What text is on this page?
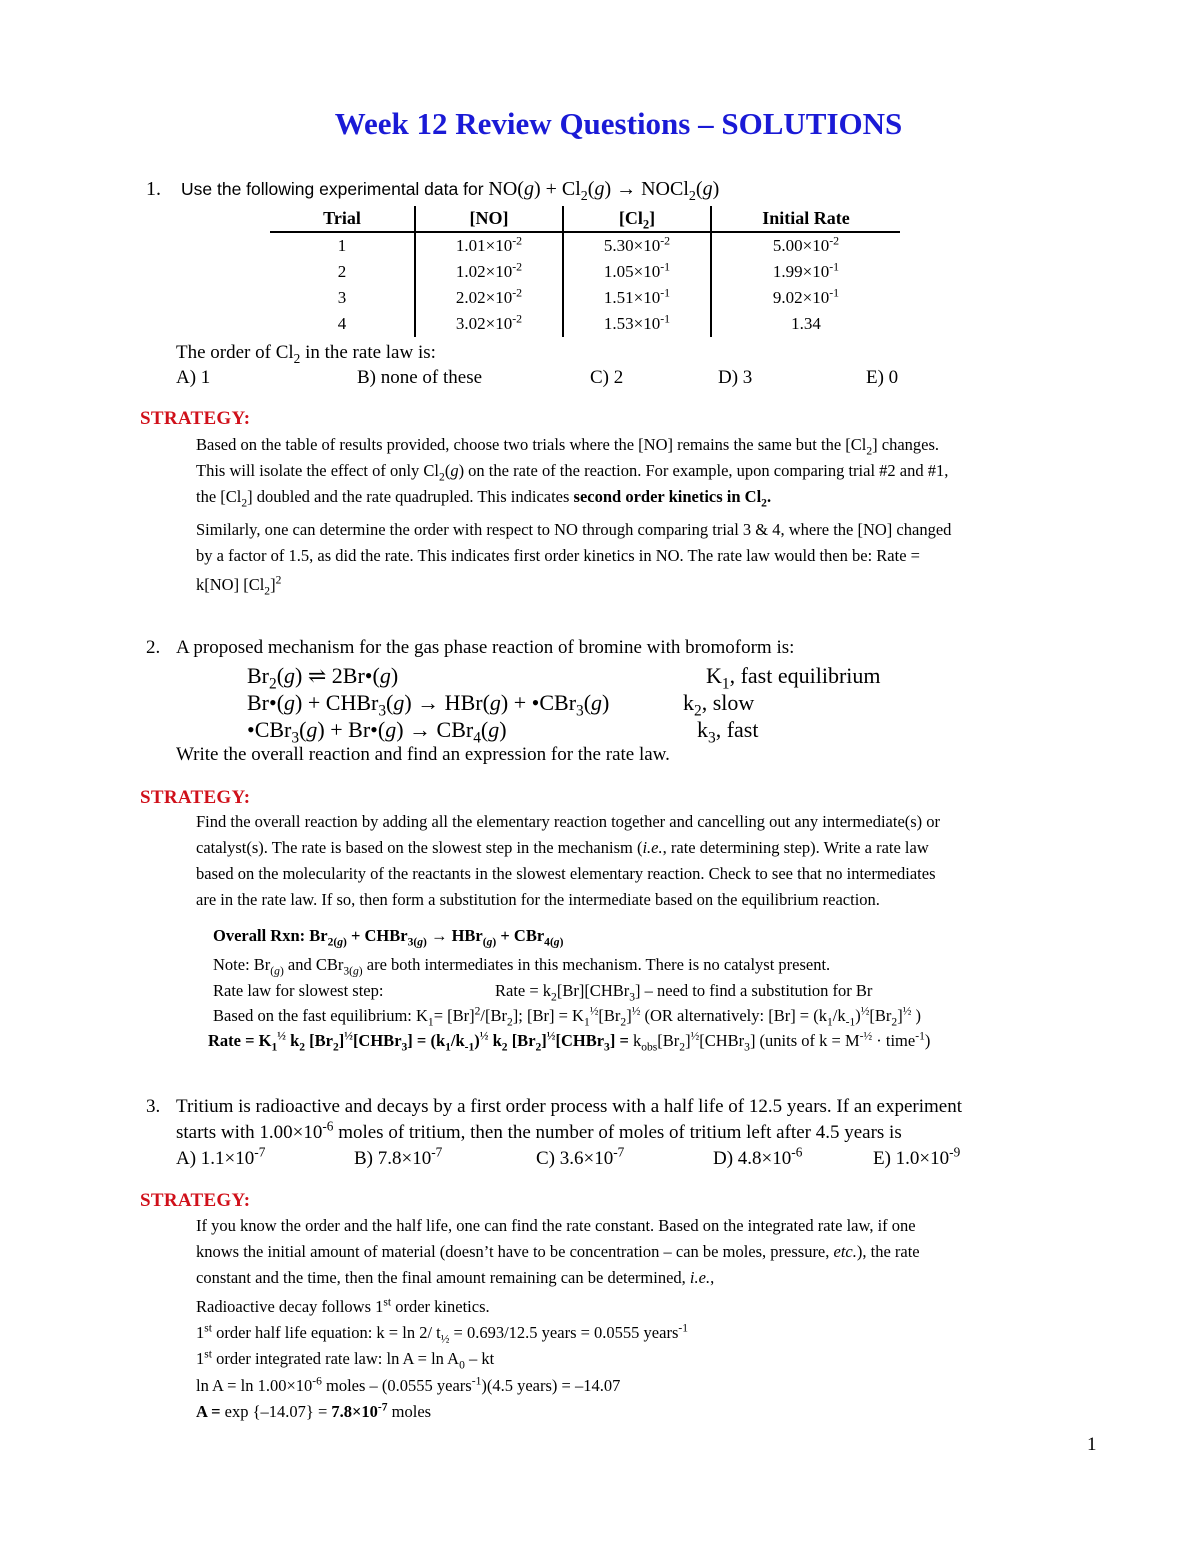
Week 12 Review Questions – SOLUTIONS
1. Use the following experimental data for $NO(g) + Cl_2(g)$ → NOCl$_2$(g)
Trial	[NO]	$[Cl_2]$	Initial Rate
1	$1.01\times 10^{-2}$	$5.30\times 10^{-2}$	$5.00\times 10^{-2}$
2	$1.02\times 10^{-2}$	$1.05\times 10^{-1}$	$1.99\times 10^{-1}$
3	$2.02\times 10^{-2}$	$1.51\times 10^{-1}$	$9.02\times 10^{-1}$
4	$3.02\times 10^{-2}$	$1.53\times 10^{-1}$	1.34
The order of $Cl_2$ in the rate law is:
A) 1	B) none of these	C) 2	D) 3	E) 0
STRATEGY:
Based on the table of results provided, choose two trials where the [NO] remains the same but the $[Cl_2]$ changes.
This will isolate the effect of only $Cl_2(g)$ on the rate of the reaction. For example, upon comparing trial #2 and #1,
the $[Cl_2]$ doubled and the rate quadrupled. This indicates second order kinetics in $Cl_2$.
Similarly, one can determine the order with respect to NO through comparing trial 3 & 4, where the [NO] changed
by a factor of 1.5, as did the rate. This indicates first order kinetics in NO. The rate law would then be: Rate =
k[NO] $[Cl_2]^2$
2. A proposed mechanism for the gas phase reaction of bromine with bromoform is:
$Br_2(g)$ ⇌ 2Br•(g)	$K_1$, fast equilibrium
Br•(g) + CHBr$_3$(g) → HBr(g) + •CBr$_3$(g)	$k_2$, slow
•CBr$_3$(g) + Br•(g) → CBr$_4$(g)	$k_3$, fast
Write the overall reaction and find an expression for the rate law.
STRATEGY:
Find the overall reaction by adding all the elementary reaction together and cancelling out any intermediate(s) or
catalyst(s). The rate is based on the slowest step in the mechanism (i.e., rate determining step). Write a rate law
based on the molecularity of the reactants in the slowest elementary reaction. Check to see that no intermediates
are in the rate law. If so, then form a substitution for the intermediate based on the equilibrium reaction.
Overall Rxn: $Br_{2(g)}$ + CHBr$_{3(g)}$ → HBr$_{(g)}$ + CBr$_{4(g)}$
Note: $Br_{(g)}$ and CBr$_{3(g)}$ are both intermediates in this mechanism. There is no catalyst present.
Rate law for slowest step:	Rate = $k_2[Br][CHBr_3]$ – need to find a substitution for Br
Based on the fast equilibrium: $K_1= [Br]^2/[Br_2]$; $[Br] = K_1^{\frac{1}{2}}[Br_2]^{\frac{1}{2}}$ (OR alternatively: $[Br] = (k_1/k_{-1})^{\frac{1}{2}}[Br_2]^{\frac{1}{2}}$ )
Rate = $K_1^{\frac{1}{2}}$ $k_2$ $[Br_2]^{\frac{1}{2}}[CHBr_3] = (k_1/k_{-1})^{\frac{1}{2}}$ $k_2$ $[Br_2]^{\frac{1}{2}}[CHBr_3]$ = $k_{obs}[Br_2]^{\frac{1}{2}}[CHBr_3]$ (units of $k = M^{-\frac{1}{2}}$ · time$^{-1}$)
3. Tritium is radioactive and decays by a first order process with a half life of 12.5 years. If an experiment
starts with $1.00\times 10^{-6}$ moles of tritium, then the number of moles of tritium left after 4.5 years is
A) $1.1\times 10^{-7}$	B) $7.8\times 10^{-7}$	C) $3.6\times 10^{-7}$	D) $4.8\times 10^{-6}$	E) $1.0\times 10^{-9}$
STRATEGY:
If you know the order and the half life, one can find the rate constant. Based on the integrated rate law, if one
knows the initial amount of material (doesn’t have to be concentration – can be moles, pressure, etc.), the rate
constant and the time, then the final amount remaining can be determined, i.e.,
Radioactive decay follows 1st order kinetics.
1st order half life equation: k = ln 2/ $t_{\frac{1}{2}} = 0.693/12.5$ years = 0.0555 years$^{-1}$
1st order integrated rate law: $\ln A = \ln A_0$ – kt
$\ln A = \ln 1.00\times 10^{-6}$ moles – (0.0555 years$^{-1}$)(4.5 years) = –14.07
$A = \exp \{-14.07\} = 7.8\times 10^{-7}$ moles
1
